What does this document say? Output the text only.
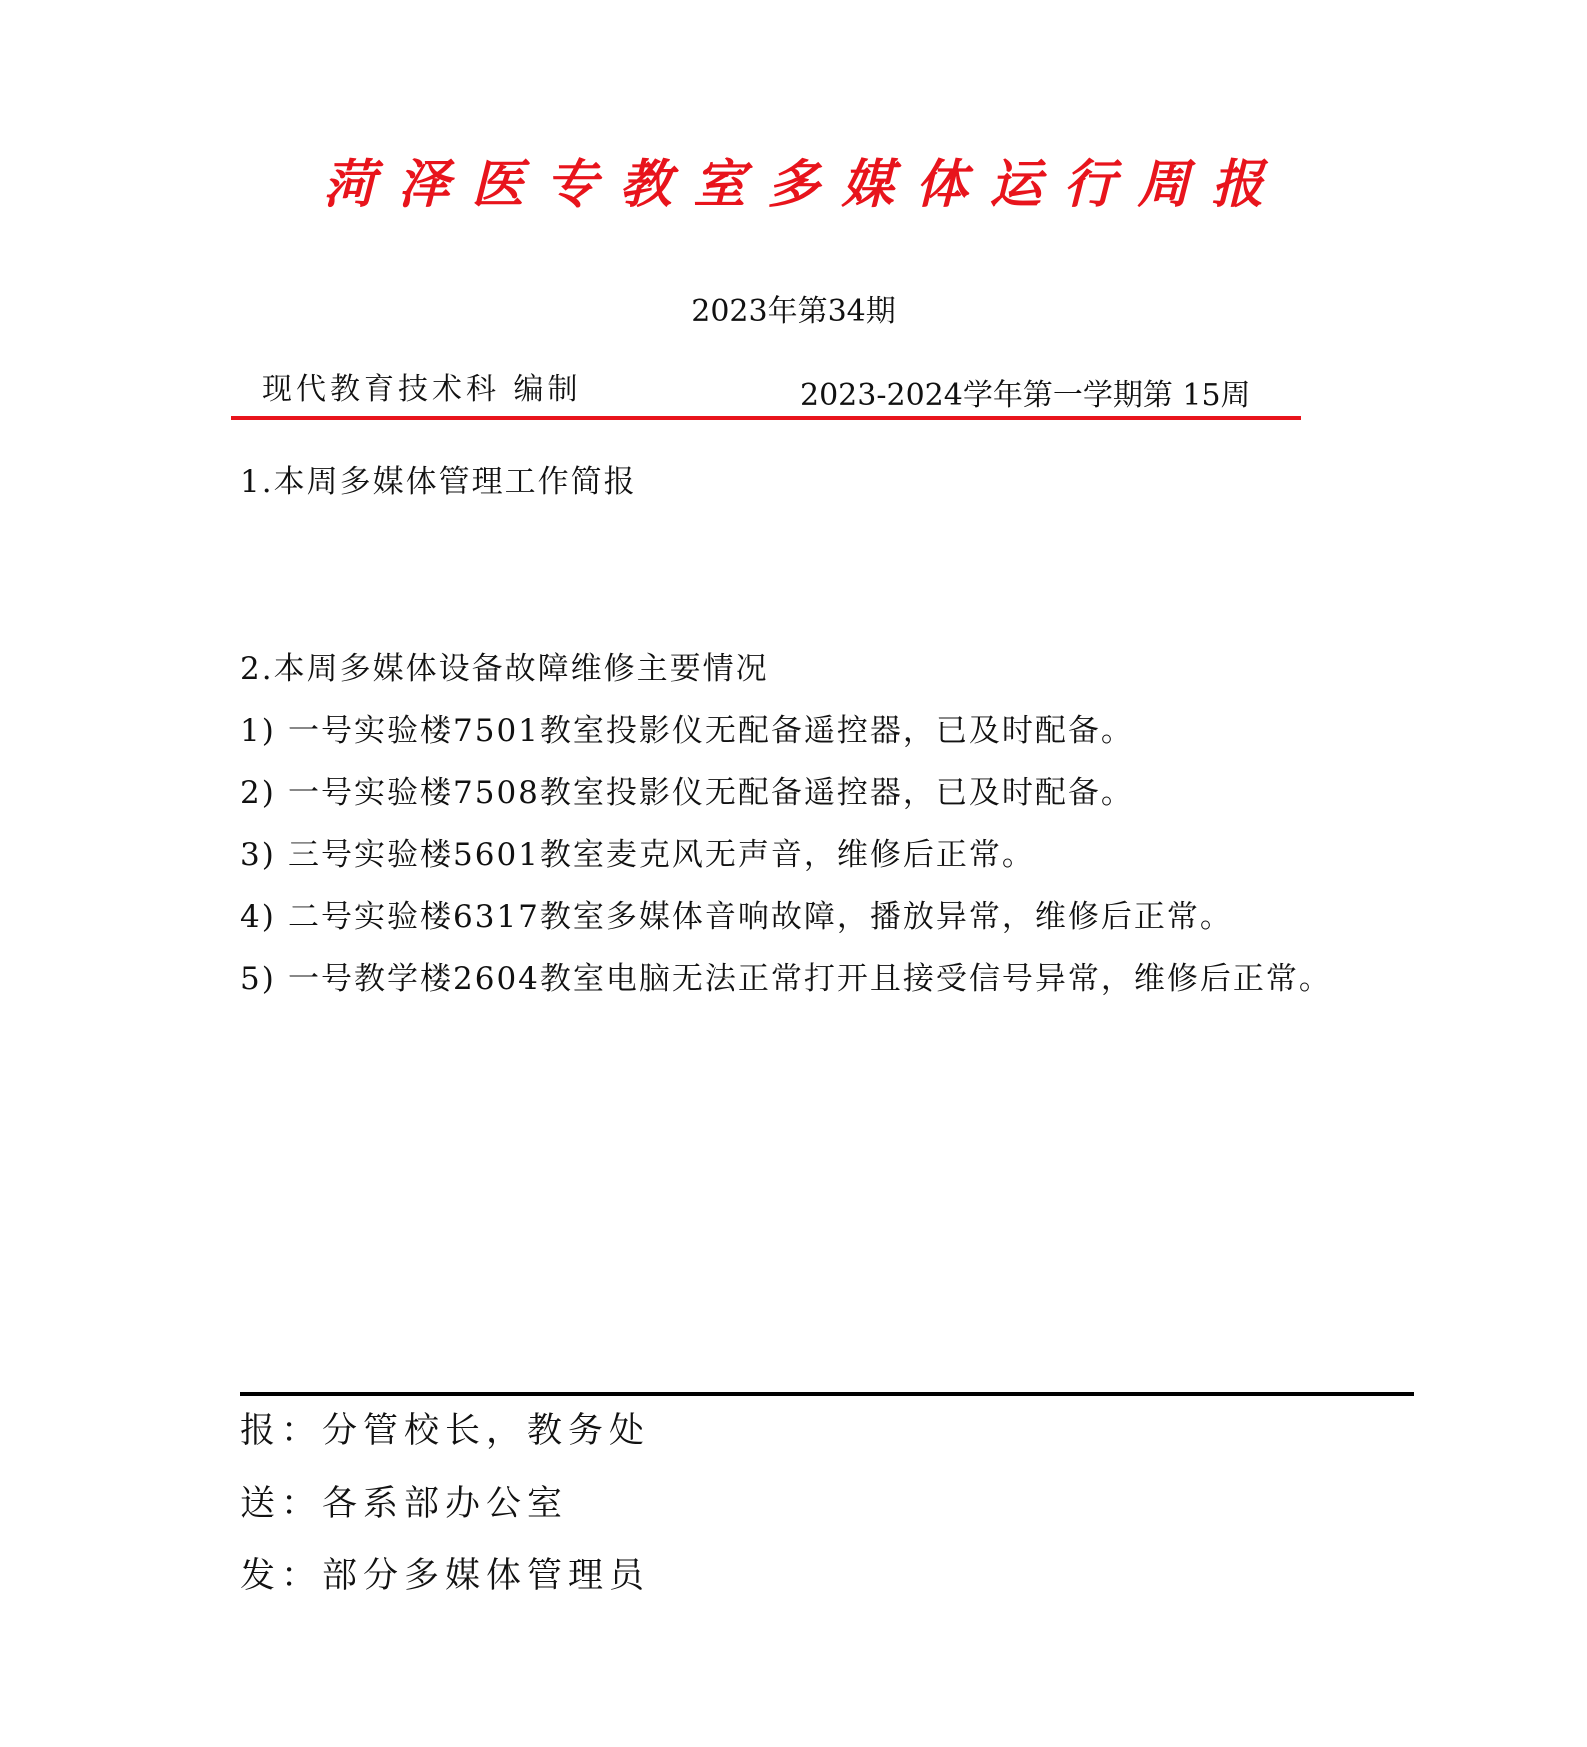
菏泽医专教室多媒体运行周报
2023年第34期
现代教育技术科 编制	2023-2024学年第一学期第 15周
1.本周多媒体管理工作简报
2.本周多媒体设备故障维修主要情况
1) 一号实验楼7501教室投影仪无配备遥控器，已及时配备。
2) 一号实验楼7508教室投影仪无配备遥控器，已及时配备。
3) 三号实验楼5601教室麦克风无声音，维修后正常。
4) 二号实验楼6317教室多媒体音响故障，播放异常，维修后正常。
5) 一号教学楼2604教室电脑无法正常打开且接受信号异常，维修后正常。
报：分管校长，教务处
送：各系部办公室
发：部分多媒体管理员
